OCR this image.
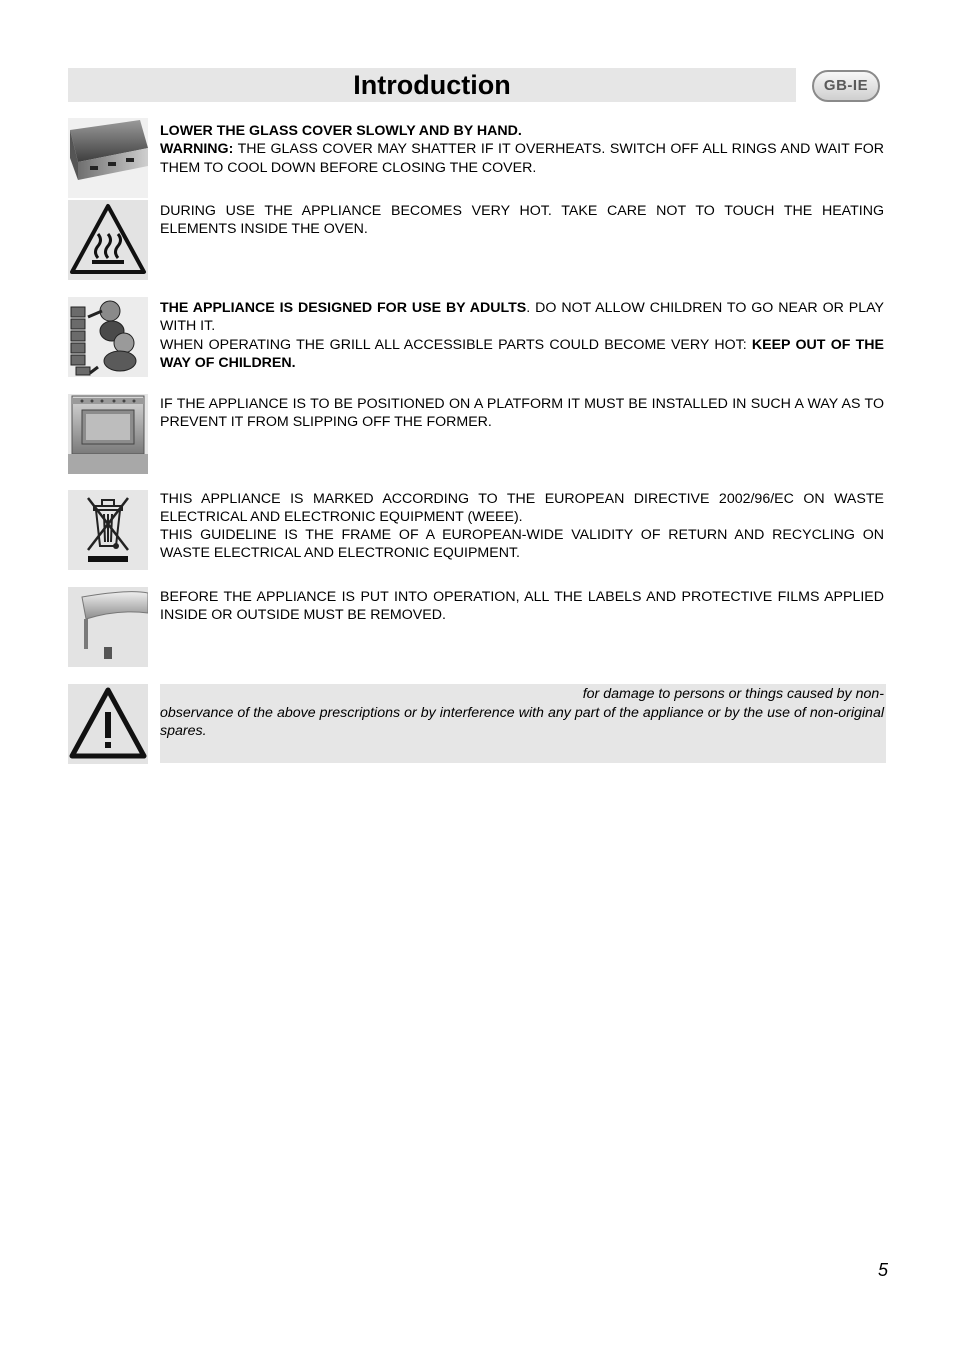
Introduction	GB-IE

LOWER THE GLASS COVER SLOWLY AND BY HAND.

WARNING: THE GLASS COVER MAY SHATTER IF IT OVERHEATS. SWITCH OFF ALL RINGS AND WAIT FOR THEM TO COOL DOWN BEFORE CLOSING THE COVER.

DURING USE THE APPLIANCE BECOMES VERY HOT. TAKE CARE NOT TO TOUCH THE HEATING ELEMENTS INSIDE THE OVEN.

THE APPLIANCE IS DESIGNED FOR USE BY ADULTS. DO NOT ALLOW CHILDREN TO GO NEAR OR PLAY WITH IT.

WHEN OPERATING THE GRILL ALL ACCESSIBLE PARTS COULD BECOME VERY HOT: KEEP OUT OF THE WAY OF CHILDREN.

IF THE APPLIANCE IS TO BE POSITIONED ON A PLATFORM IT MUST BE INSTALLED IN SUCH A WAY AS TO PREVENT IT FROM SLIPPING OFF THE FORMER.

THIS APPLIANCE IS MARKED ACCORDING TO THE EUROPEAN DIRECTIVE 2002/96/EC ON WASTE ELECTRICAL AND ELECTRONIC EQUIPMENT (WEEE).

THIS GUIDELINE IS THE FRAME OF A EUROPEAN-WIDE VALIDITY OF RETURN AND RECYCLING ON WASTE ELECTRICAL AND ELECTRONIC EQUIPMENT.

BEFORE THE APPLIANCE IS PUT INTO OPERATION, ALL THE LABELS AND PROTECTIVE FILMS APPLIED INSIDE OR OUTSIDE MUST BE REMOVED.
for damage to persons or things caused by non-
observance of the above prescriptions or by interference with any part of the appliance or by the use of non-original spares.
5
